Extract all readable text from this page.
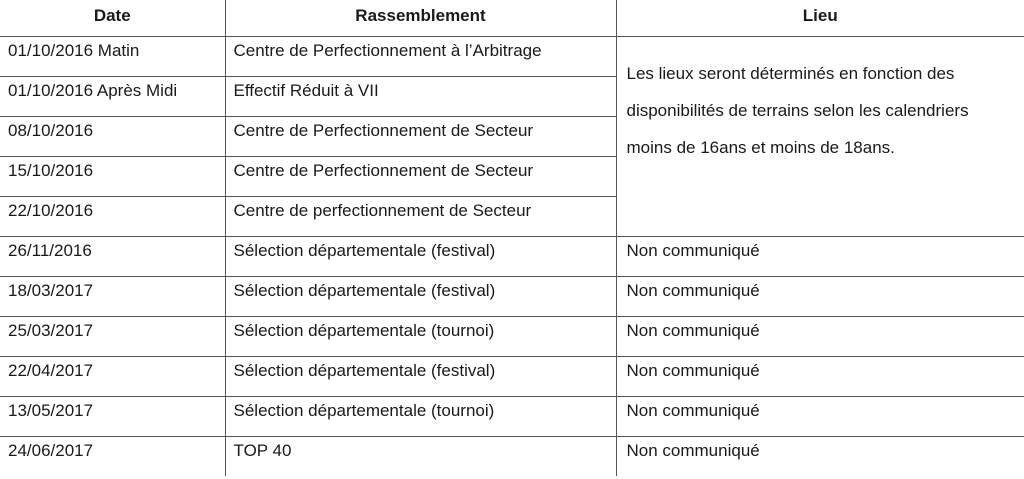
Date	Rassemblement	Lieu
01/10/2016 Matin	Centre de Perfectionnement à l’Arbitrage	Les lieux seront déterminés en fonction des disponibilités de terrains selon les calendriers moins de 16ans et moins de 18ans.
01/10/2016 Après Midi	Effectif Réduit à VII	
08/10/2016	Centre de Perfectionnement de Secteur	
15/10/2016	Centre de Perfectionnement de Secteur	
22/10/2016	Centre de perfectionnement de Secteur	
26/11/2016	Sélection départementale (festival)	Non communiqué
18/03/2017	Sélection départementale (festival)	Non communiqué
25/03/2017	Sélection départementale (tournoi)	Non communiqué
22/04/2017	Sélection départementale (festival)	Non communiqué
13/05/2017	Sélection départementale (tournoi)	Non communiqué
24/06/2017	TOP 40	Non communiqué
